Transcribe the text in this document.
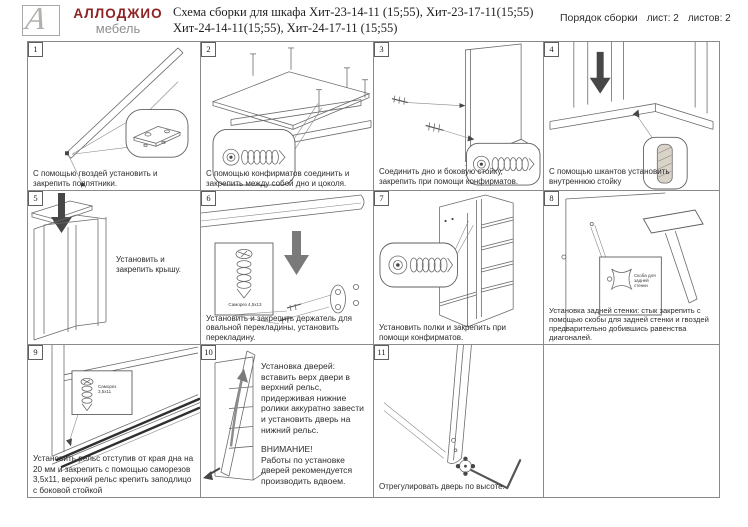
А	АЛЛОДЖИО
мебель
Схема сборки для шкафа Хит-23-14-11 (15;55), Хит-23-17-11(15;55)
Хит-24-14-11(15;55), Хит-24-17-11 (15;55)
Порядок сборки лист: 2 листов: 2
1
С помощью гвоздей установить и закрепить подпятники.
2
С помощью конфирматов соединить и закрепить между собой дно и цоколя.
3
Соединить дно и боковую стойку, закрепить при помощи конфирматов.
4
С помощью шкантов установить внутреннюю стойку
5
Установить и закрепить крышу.
6
Саморез 4,5х13
Установить и закрепить держатель для овальной перекладины, установить перекладину.
7
Установить полки и закрепить при помощи конфирматов.
8
Скоба для задней стенки
Установка задней стенки: стык закрепить с помощью скобы для задней стенки и гвоздей предварительно добившись равенства диагоналей.
9
Саморез 3,5х11
Установить рельс отступив от края дна на 20 мм и закрепить с помощью саморезов 3,5х11, верхний рельс крепить заподлицо с боковой стойкой
10
Установка дверей: вставить верх двери в верхний рельс, придерживая нижние ролики аккуратно завести и установить дверь на нижний рельс.
ВНИМАНИЕ!
Работы по установке дверей рекомендуется производить вдвоем.
11
Отрегулировать дверь по высоте.
